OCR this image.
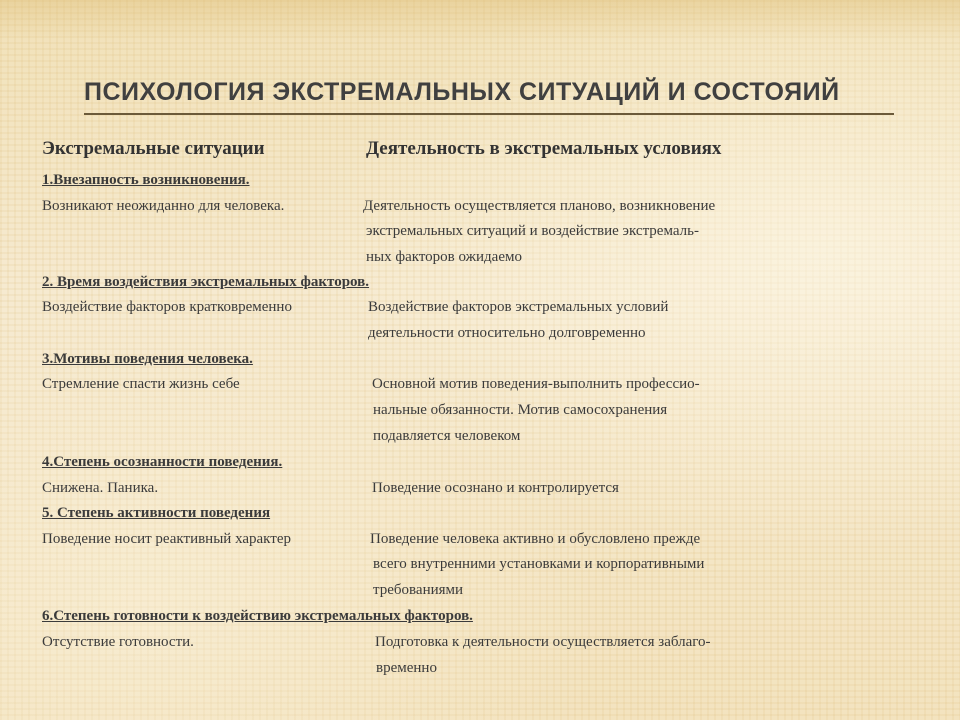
ПСИХОЛОГИЯ ЭКСТРЕМАЛЬНЫХ СИТУАЦИЙ И СОСТОЯИЙ
Экстремальные ситуации	Деятельность в экстремальных условиях
1.Внезапность возникновения.
Возникают неожиданно для человека.	Деятельность осуществляется планово, возникновение
экстремальных ситуаций и воздействие экстремаль-
ных факторов ожидаемо
2. Время воздействия экстремальных факторов.
Воздействие факторов кратковременно	Воздействие факторов экстремальных условий
деятельности относительно долговременно
3.Мотивы поведения человека.
Стремление спасти жизнь себе	Основной мотив поведения-выполнить профессио-
нальные обязанности. Мотив самосохранения
подавляется человеком
4.Степень осознанности поведения.
Снижена. Паника.	Поведение осознано и контролируется
5. Степень активности поведения
Поведение носит реактивный характер	Поведение человека активно и обусловлено прежде
всего внутренними установками и корпоративными
требованиями
6.Степень готовности к воздействию экстремальных факторов.
Отсутствие готовности.	Подготовка к деятельности осуществляется заблаго-
временно
